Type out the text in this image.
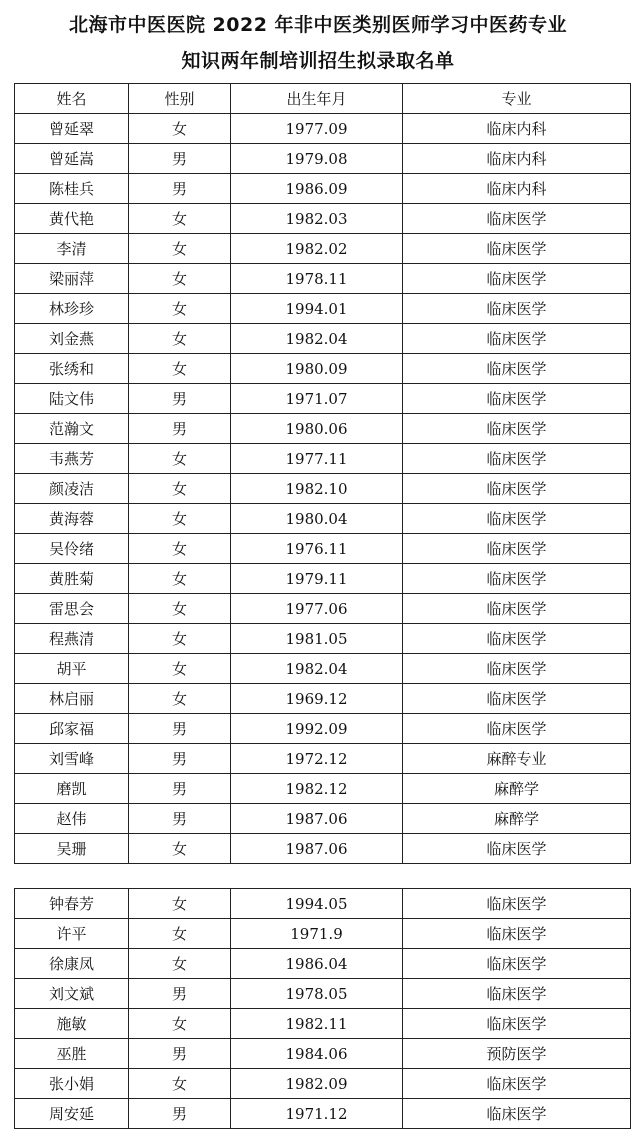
北海市中医医院 2022 年非中医类别医师学习中医药专业
知识两年制培训招生拟录取名单
姓名	性别	出生年月	专业
曾延翠	女	1977.09	临床内科
曾延嵩	男	1979.08	临床内科
陈桂兵	男	1986.09	临床内科
黄代艳	女	1982.03	临床医学
李清	女	1982.02	临床医学
梁丽萍	女	1978.11	临床医学
林珍珍	女	1994.01	临床医学
刘金燕	女	1982.04	临床医学
张绣和	女	1980.09	临床医学
陆文伟	男	1971.07	临床医学
范瀚文	男	1980.06	临床医学
韦燕芳	女	1977.11	临床医学
颜凌洁	女	1982.10	临床医学
黄海蓉	女	1980.04	临床医学
吴伶绪	女	1976.11	临床医学
黄胜菊	女	1979.11	临床医学
雷思会	女	1977.06	临床医学
程燕清	女	1981.05	临床医学
胡平	女	1982.04	临床医学
林启丽	女	1969.12	临床医学
邱家福	男	1992.09	临床医学
刘雪峰	男	1972.12	麻醉专业
磨凯	男	1982.12	麻醉学
赵伟	男	1987.06	麻醉学
吴珊	女	1987.06	临床医学
钟春芳	女	1994.05	临床医学
许平	女	1971.9	临床医学
徐康凤	女	1986.04	临床医学
刘文斌	男	1978.05	临床医学
施敏	女	1982.11	临床医学
巫胜	男	1984.06	预防医学
张小娟	女	1982.09	临床医学
周安延	男	1971.12	临床医学
